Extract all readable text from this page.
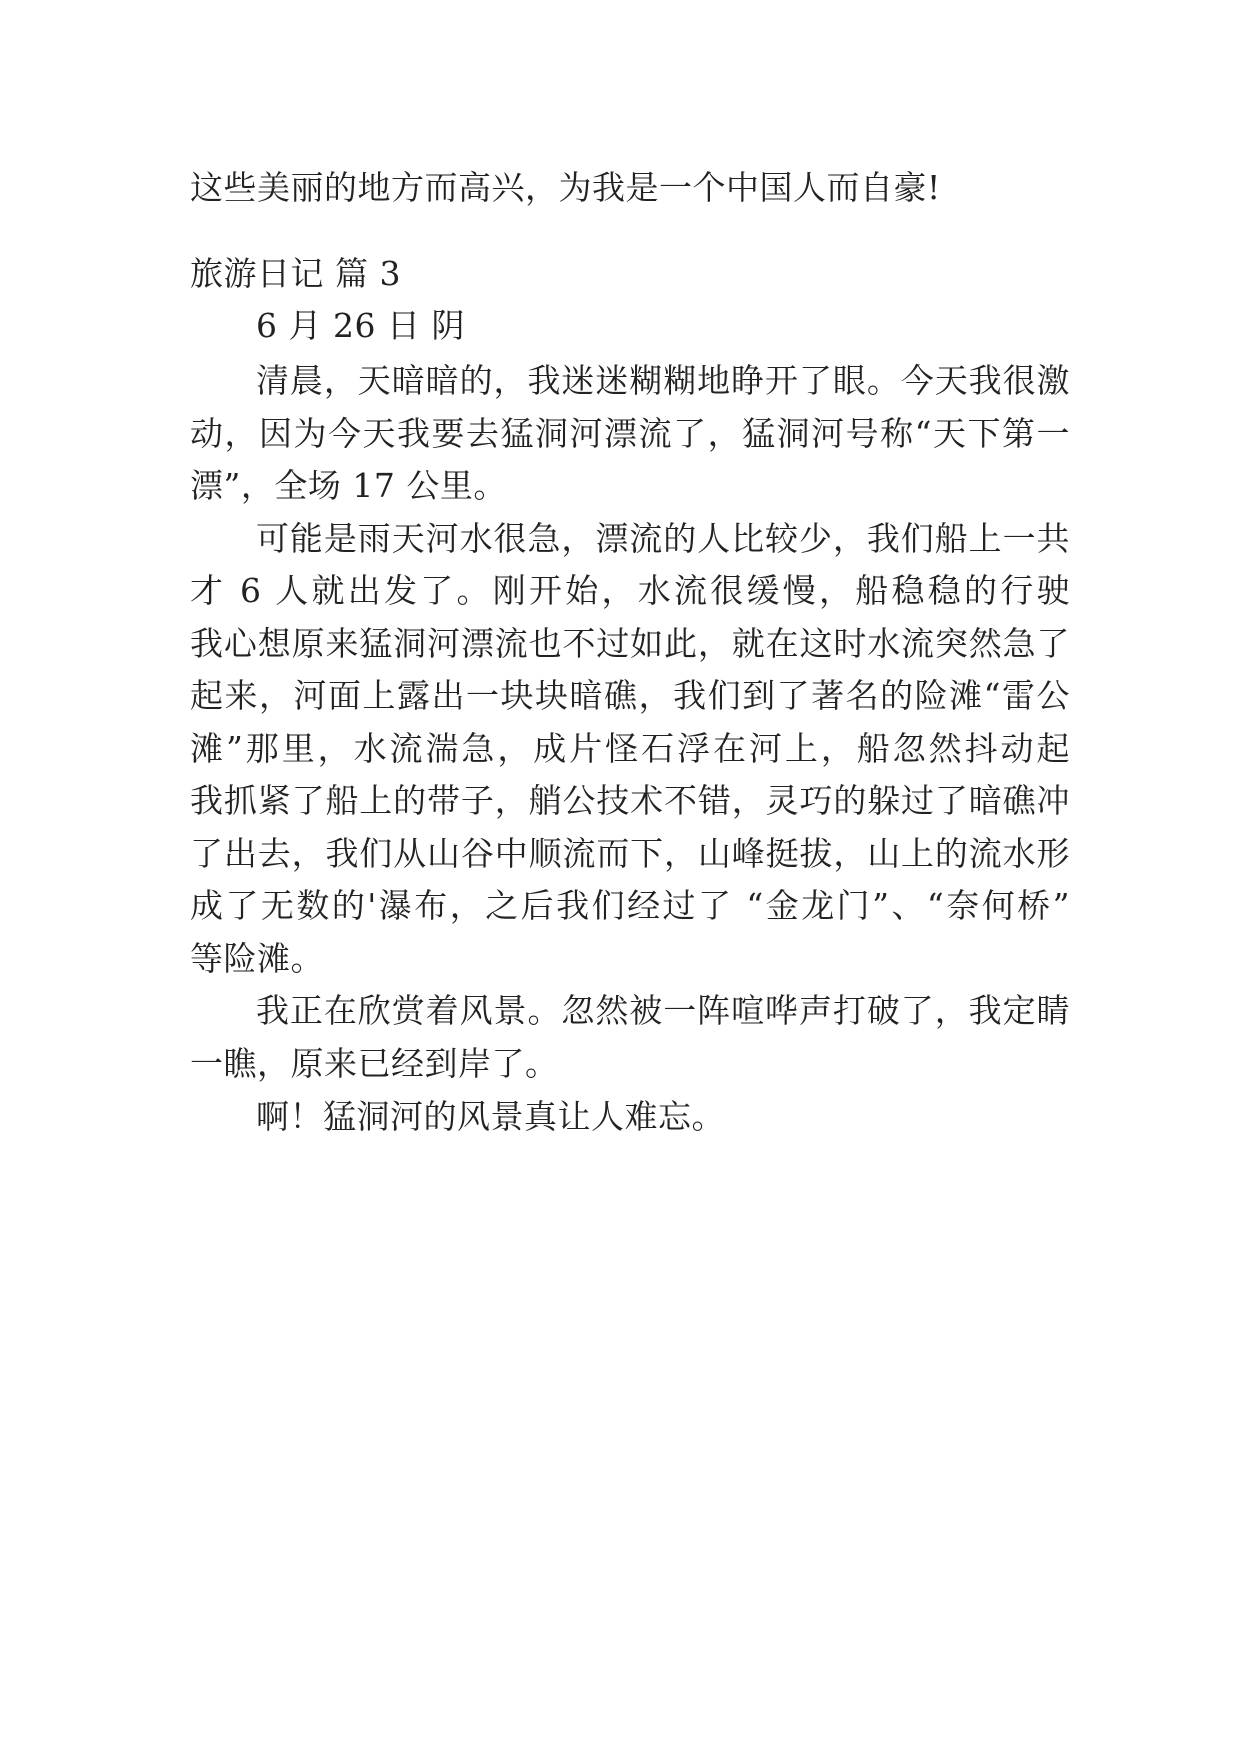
这些美丽的地方而高兴，为我是一个中国人而自豪!
旅游日记 篇 3
6 月 26 日 阴
清晨，天暗暗的，我迷迷糊糊地睁开了眼。今天我很激
动，因为今天我要去猛洞河漂流了，猛洞河号称“天下第一
漂”，全场 17 公里。
可能是雨天河水很急，漂流的人比较少，我们船上一共
才 6 人就出发了。刚开始，水流很缓慢，船稳稳的行驶
我心想原来猛洞河漂流也不过如此，就在这时水流突然急了
起来，河面上露出一块块暗礁，我们到了著名的险滩“雷公
滩”那里，水流湍急，成片怪石浮在河上，船忽然抖动起
我抓紧了船上的带子，艄公技术不错，灵巧的躲过了暗礁冲
了出去，我们从山谷中顺流而下，山峰挺拔，山上的流水形
成了无数的'瀑布，之后我们经过了 “金龙门”、“奈何桥”
等险滩。
我正在欣赏着风景。忽然被一阵喧哗声打破了，我定睛
一瞧，原来已经到岸了。
啊！猛洞河的风景真让人难忘。
